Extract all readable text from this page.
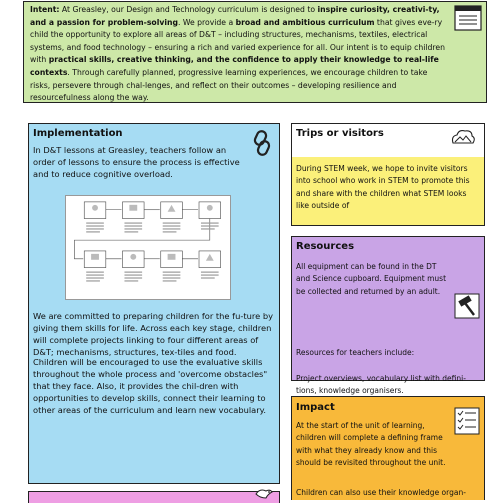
Intent: At Greasley, our Design and Technology curriculum is designed to inspire curiosity, creativi-ty, and a passion for problem-solving. We provide a broad and ambitious curriculum that gives eve-ry child the opportunity to explore all areas of D&T – including structures, mechanisms, textiles, electrical systems, and food technology – ensuring a rich and varied experience for all. Our intent is to equip children with practical skills, creative thinking, and the confidence to apply their knowledge to real-life contexts. Through carefully planned, progressive learning experiences, we encourage children to take risks, persevere through chal-lenges, and reflect on their outcomes – developing resilience and resourcefulness along the way.

Implementation

In D&T lessons at Greasley, teachers follow an order of lessons to ensure the process is effective and to reduce cognitive overload.

We are committed to preparing children for the fu-ture by giving them skills for life. Across each key stage, children will complete projects linking to four different areas of D&T; mechanisms, structures, tex-tiles and food.

Children will be encouraged to use the evaluative skills throughout the whole process and 'overcome obstacles" that they face. Also, it provides the chil-dren with opportunities to develop skills, connect their learning to other areas of the curriculum and learn new vocabulary.

Trips or visitors

During STEM week, we hope to invite visitors into school who work in STEM to promote this and share with the children what STEM looks like outside of

Resources

All equipment can be found in the DT and Science cupboard. Equipment must be collected and returned by an adult.

Resources for teachers include:

Project overviews, vocabulary list with defini-
tions, knowledge organisers.

Impact

At the start of the unit of learning, children will complete a defining frame with what they already know and this should be revisited throughout the unit.

Children can also use their knowledge organ-
